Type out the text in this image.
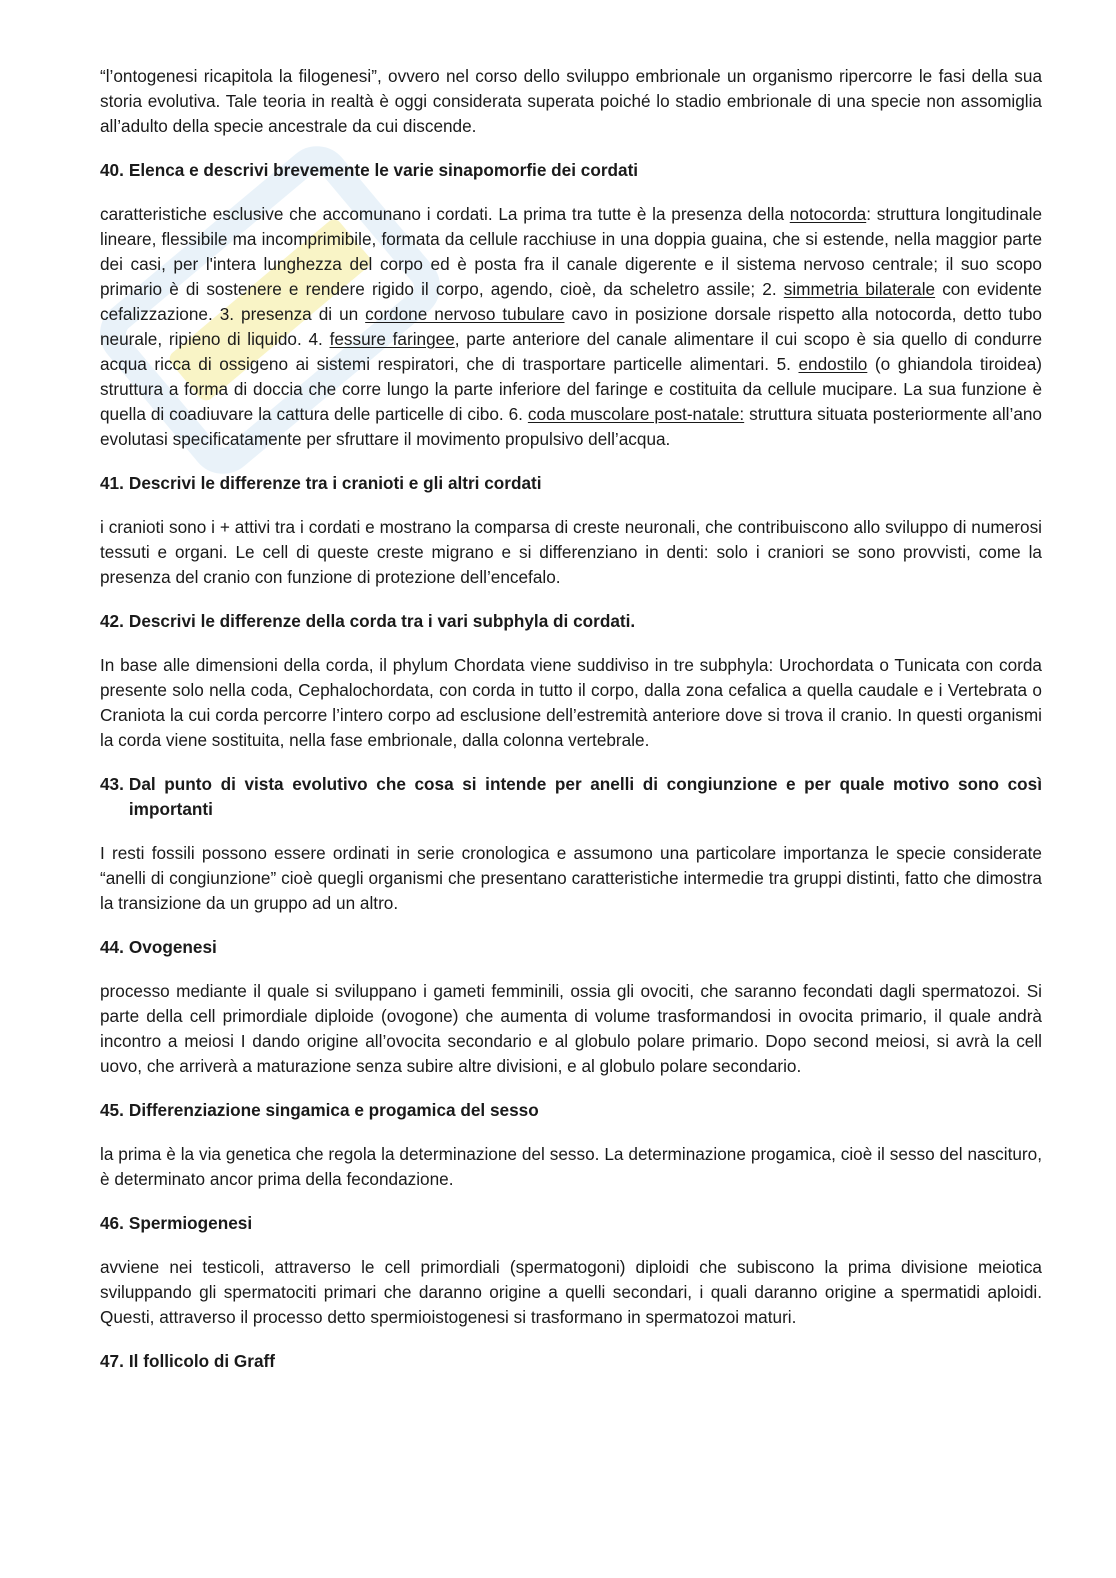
“l’ontogenesi ricapitola la filogenesi”, ovvero nel corso dello sviluppo embrionale un organismo ripercorre le fasi della sua storia evolutiva. Tale teoria in realtà è oggi considerata superata poiché lo stadio embrionale di una specie non assomiglia all’adulto della specie ancestrale da cui discende.

40. Elenca e descrivi brevemente le varie sinapomorfie dei cordati

caratteristiche esclusive che accomunano i cordati. La prima tra tutte è la presenza della notocorda: struttura longitudinale lineare, flessibile ma incomprimibile, formata da cellule racchiuse in una doppia guaina, che si estende, nella maggior parte dei casi, per l'intera lunghezza del corpo ed è posta fra il canale digerente e il sistema nervoso centrale; il suo scopo primario è di sostenere e rendere rigido il corpo, agendo, cioè, da scheletro assile; 2. simmetria bilaterale con evidente cefalizzazione. 3. presenza di un cordone nervoso tubulare cavo in posizione dorsale rispetto alla notocorda, detto tubo neurale, ripieno di liquido. 4. fessure faringee, parte anteriore del canale alimentare il cui scopo è sia quello di condurre acqua ricca di ossigeno ai sistemi respiratori, che di trasportare particelle alimentari. 5. endostilo (o ghiandola tiroidea) struttura a forma di doccia che corre lungo la parte inferiore del faringe e costituita da cellule mucipare. La sua funzione è quella di coadiuvare la cattura delle particelle di cibo. 6. coda muscolare post-natale: struttura situata posteriormente all’ano evolutasi specificatamente per sfruttare il movimento propulsivo dell’acqua.

41. Descrivi le differenze tra i cranioti e gli altri cordati

i cranioti sono i + attivi tra i cordati e mostrano la comparsa di creste neuronali, che contribuiscono allo sviluppo di numerosi tessuti e organi. Le cell di queste creste migrano e si differenziano in denti: solo i craniori se sono provvisti, come la presenza del cranio con funzione di protezione dell’encefalo.

42. Descrivi le differenze della corda tra i vari subphyla di cordati.

In base alle dimensioni della corda, il phylum Chordata viene suddiviso in tre subphyla: Urochordata o Tunicata con corda presente solo nella coda, Cephalochordata, con corda in tutto il corpo, dalla zona cefalica a quella caudale e i Vertebrata o Craniota la cui corda percorre l’intero corpo ad esclusione dell’estremità anteriore dove si trova il cranio. In questi organismi la corda viene sostituita, nella fase embrionale, dalla colonna vertebrale.

43. Dal punto di vista evolutivo che cosa si intende per anelli di congiunzione e per quale motivo sono così importanti

I resti fossili possono essere ordinati in serie cronologica e assumono una particolare importanza le specie considerate “anelli di congiunzione” cioè quegli organismi che presentano caratteristiche intermedie tra gruppi distinti, fatto che dimostra la transizione da un gruppo ad un altro.

44. Ovogenesi

processo mediante il quale si sviluppano i gameti femminili, ossia gli ovociti, che saranno fecondati dagli spermatozoi. Si parte della cell primordiale diploide (ovogone) che aumenta di volume trasformandosi in ovocita primario, il quale andrà incontro a meiosi I dando origine all’ovocita secondario e al globulo polare primario. Dopo second meiosi, si avrà la cell uovo, che arriverà a maturazione senza subire altre divisioni, e al globulo polare secondario.

45. Differenziazione singamica e progamica del sesso

la prima è la via genetica che regola la determinazione del sesso. La determinazione progamica, cioè il sesso del nascituro, è determinato ancor prima della fecondazione.

46. Spermiogenesi

avviene nei testicoli, attraverso le cell primordiali (spermatogoni) diploidi che subiscono la prima divisione meiotica sviluppando gli spermatociti primari che daranno origine a quelli secondari, i quali daranno origine a spermatidi aploidi. Questi, attraverso il processo detto spermioistogenesi si trasformano in spermatozoi maturi.

47. Il follicolo di Graff
